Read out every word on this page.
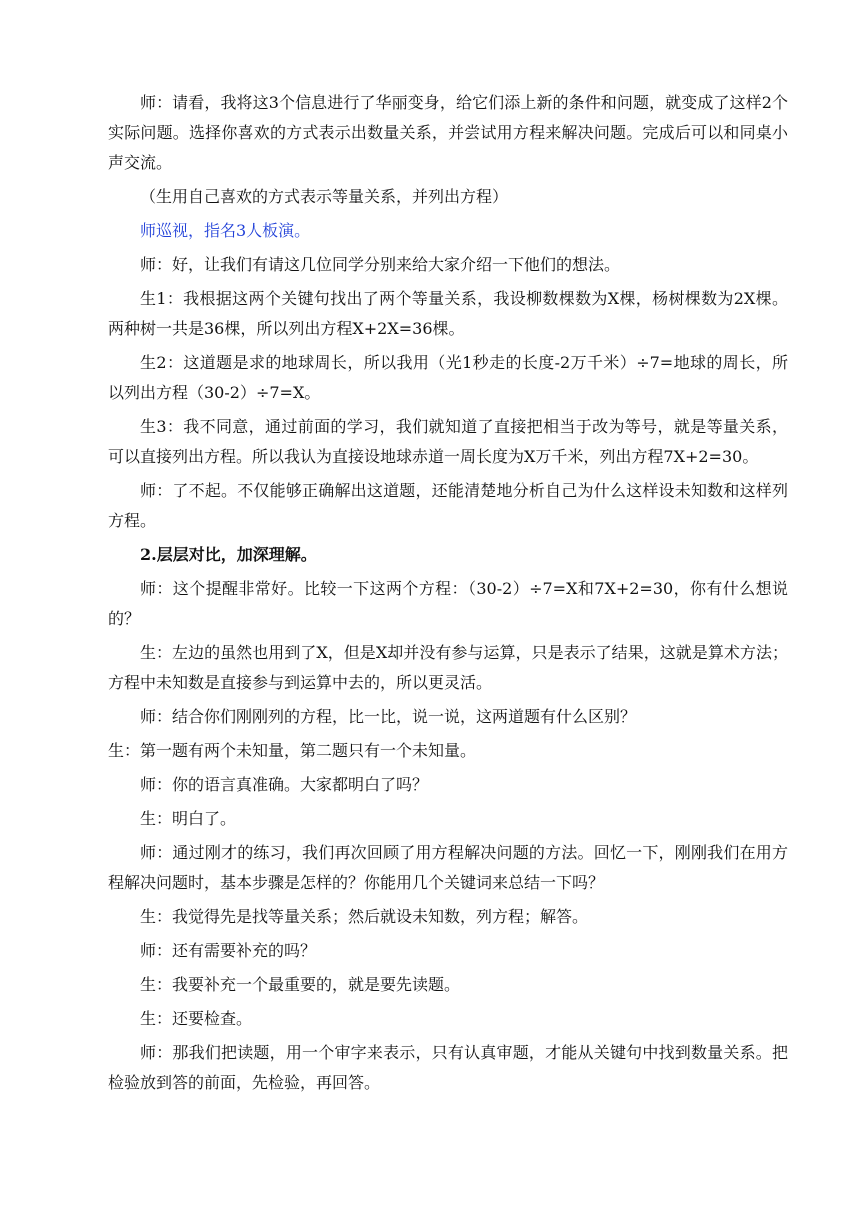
师：请看，我将这3个信息进行了华丽变身，给它们添上新的条件和问题，就变成了这样2个实际问题。选择你喜欢的方式表示出数量关系，并尝试用方程来解决问题。完成后可以和同桌小声交流。

（生用自己喜欢的方式表示等量关系，并列出方程）

师巡视，指名3人板演。

师：好，让我们有请这几位同学分别来给大家介绍一下他们的想法。

生1：我根据这两个关键句找出了两个等量关系，我设柳数棵数为X棵，杨树棵数为2X棵。两种树一共是36棵，所以列出方程X+2X=36棵。

生2：这道题是求的地球周长，所以我用（光1秒走的长度-2万千米）÷7=地球的周长，所以列出方程（30-2）÷7=X。

生3：我不同意，通过前面的学习，我们就知道了直接把相当于改为等号，就是等量关系，可以直接列出方程。所以我认为直接设地球赤道一周长度为X万千米，列出方程7X+2=30。

师：了不起。不仅能够正确解出这道题，还能清楚地分析自己为什么这样设未知数和这样列方程。

2.层层对比，加深理解。

师：这个提醒非常好。比较一下这两个方程：（30-2）÷7=X和7X+2=30，你有什么想说的？

生：左边的虽然也用到了X，但是X却并没有参与运算，只是表示了结果，这就是算术方法；方程中未知数是直接参与到运算中去的，所以更灵活。

师：结合你们刚刚列的方程，比一比，说一说，这两道题有什么区别？

生：第一题有两个未知量，第二题只有一个未知量。

师：你的语言真准确。大家都明白了吗？

生：明白了。

师：通过刚才的练习，我们再次回顾了用方程解决问题的方法。回忆一下，刚刚我们在用方程解决问题时，基本步骤是怎样的？你能用几个关键词来总结一下吗？

生：我觉得先是找等量关系；然后就设未知数，列方程；解答。

师：还有需要补充的吗？

生：我要补充一个最重要的，就是要先读题。

生：还要检查。

师：那我们把读题，用一个审字来表示，只有认真审题，才能从关键句中找到数量关系。把检验放到答的前面，先检验，再回答。
